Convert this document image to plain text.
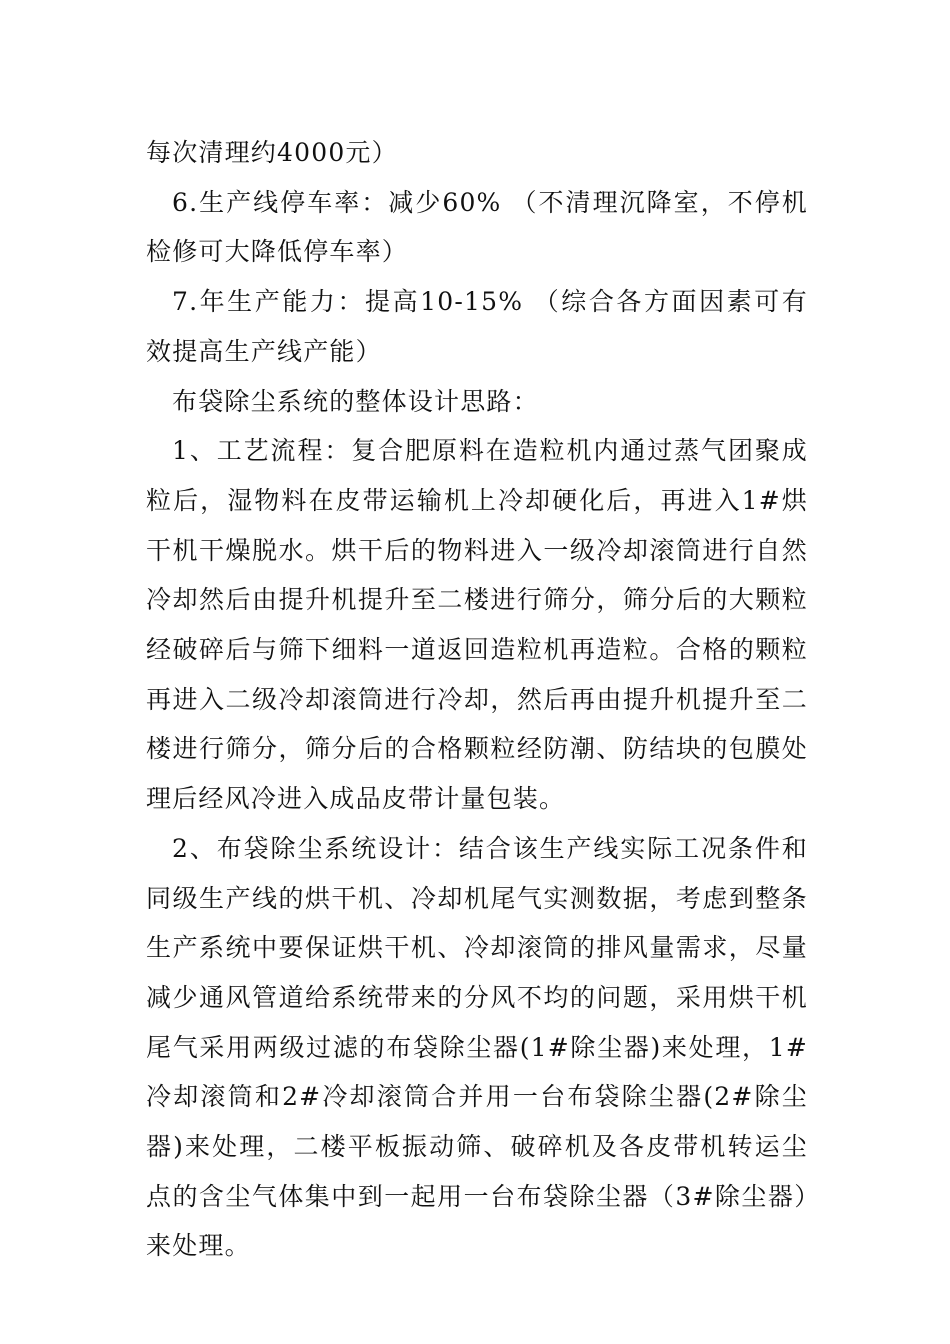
每次清理约4000元）

6.生产线停车率：减少60% （不清理沉降室，不停机检修可大降低停车率）

7.年生产能力：提高10-15% （综合各方面因素可有效提高生产线产能）

布袋除尘系统的整体设计思路：

1、工艺流程：复合肥原料在造粒机内通过蒸气团聚成粒后，湿物料在皮带运输机上冷却硬化后，再进入1#烘干机干燥脱水。烘干后的物料进入一级冷却滚筒进行自然冷却然后由提升机提升至二楼进行筛分，筛分后的大颗粒经破碎后与筛下细料一道返回造粒机再造粒。合格的颗粒再进入二级冷却滚筒进行冷却，然后再由提升机提升至二楼进行筛分，筛分后的合格颗粒经防潮、防结块的包膜处理后经风冷进入成品皮带计量包装。

2、布袋除尘系统设计：结合该生产线实际工况条件和同级生产线的烘干机、冷却机尾气实测数据，考虑到整条生产系统中要保证烘干机、冷却滚筒的排风量需求，尽量减少通风管道给系统带来的分风不均的问题，采用烘干机尾气采用两级过滤的布袋除尘器(1#除尘器)来处理，1#冷却滚筒和2#冷却滚筒合并用一台布袋除尘器(2#除尘器)来处理，二楼平板振动筛、破碎机及各皮带机转运尘点的含尘气体集中到一起用一台布袋除尘器（3#除尘器）来处理。
